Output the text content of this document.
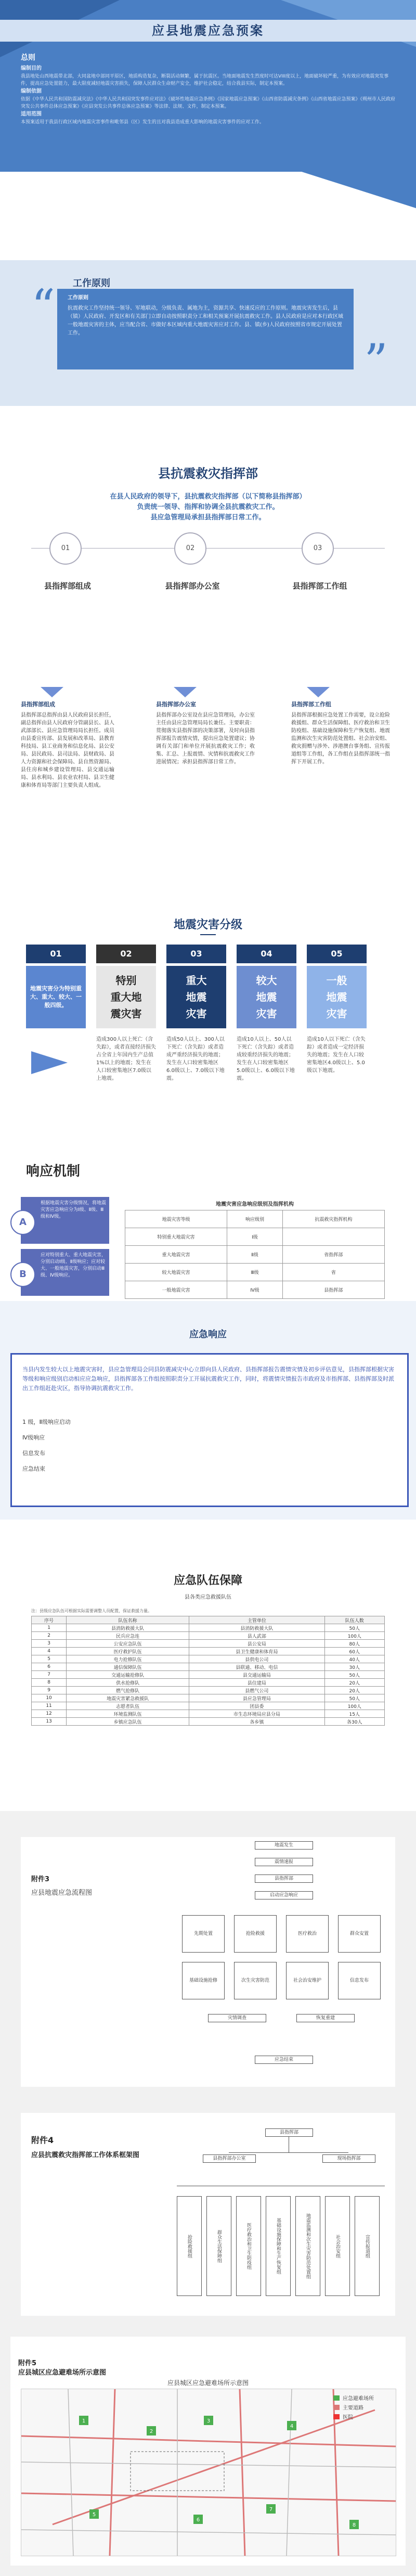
应县地震应急预案

总则

编制目的

我县地处山西地震带北部，大同盆地中部同平原区，地质构造复杂，断裂活动频繁，属于抗震区。当地面地震发生烈度时可达VIII度以上，地面破坏较严重，为有效应对地震突发事件，提高应急处置能力，最大限度减轻地震灾害损失，保障人民群众生命财产安全，维护社会稳定，结合我县实际，制定本预案。

编制依据

依据《中华人民共和国防震减灾法》《中华人民共和国突发事件应对法》《破坏性地震应急条例》《国家地震应急预案》《山西省防震减灾条例》《山西省地震应急预案》《朔州市人民政府突发公共事件总体应急预案》《应县突发公共事件总体应急预案》等法律、法规、文件，制定本预案。

适用范围

本预案适用于我县行政区域内地震灾害事件和毗邻县（区）发生的且对我县造成重大影响的地震灾害事件的应对工作。

工作原则

“ 工作原则

抗震救灾工作坚持统一领导、军地联动，分级负责、属地为主，资源共享、快速反应的工作原则。地震灾害发生后，县（镇）人民政府、开发区和有关部门立即自动按照职责分工和相关预案开展抗震救灾工作。县人民政府是应对本行政区域一般地震灾害的主体，应当配合省、市做好本区域内重大地震灾害应对工作。县、镇(乡)人民政府按照省市规定开展处置工作。

”

县抗震救灾指挥部

在县人民政府的领导下，县抗震救灾指挥部（以下简称县指挥部）
负责统一领导、指挥和协调全县抗震救灾工作。
县应急管理局承担县指挥部日常工作。
01	02	03
县指挥部组成	县指挥部办公室	县指挥部工作组

县指挥部组成

县指挥部总指挥由县人民政府县长担任，副总指挥由县人民政府分管副县长、县人武部部长、县应急管理局局长担任。成员由县委宣传部、县发展和改革局、县教育科技局、县工业商务和信息化局、县公安局、县民政局、县司法局、县财政局、县人力资源和社会保障局、县自然资源局、县住房和城乡建设管理局、县交通运输局、县水利局、县农业农村局、县卫生健康和体育局等部门主要负责人组成。

县指挥部办公室

县指挥部办公室设在县应急管理局，办公室主任由县应急管理局局长兼任。主要职责：贯彻落实县指挥部的决策部署，及时向县指挥部报告震情灾情，提出应急处置建议；协调有关部门和单位开展抗震救灾工作；收集、汇总、上报震情、灾情和抗震救灾工作进展情况；承担县指挥部日常工作。

县指挥部工作组

县指挥部根据应急处置工作需要，设立抢险救援组、群众生活保障组、医疗救治和卫生防疫组、基础设施保障和生产恢复组、地震监测和次生灾害防范处置组、社会治安组、救灾捐赠与涉外、涉港澳台事务组、宣传报道组等工作组，各工作组在县指挥部统一指挥下开展工作。

地震灾害分级

01	02	03	04	05
地震灾害分为特别重大、重大、较大、一般四级。
特别
重大地
震灾害
重大
地震
灾害
较大
地震
灾害
一般
地震
灾害
造成300人以上死亡（含失踪），或者直接经济损失占全省上年国内生产总值1%以上的地震；发生在人口较密集地区7.0级以上地震。
造成50人以上、300人以下死亡（含失踪）或者造成严重经济损失的地震；发生在人口较密集地区6.0级以上、7.0级以下地震。
造成10人以上、50人以下死亡（含失踪）或者造成较重经济损失的地震；发生在人口较密集地区5.0级以上、6.0级以下地震。
造成10人以下死亡（含失踪）或者造成一定经济损失的地震；发生在人口较密集地区4.0级以上、5.0级以下地震。

响应机制

根据地震灾害分级情况，将地震灾害应急响应分为Ⅰ级、Ⅱ级、Ⅲ级和Ⅳ级。

A

应对特别重大、重大地震灾害，分别启动Ⅰ级、Ⅱ级响应；应对较大、一般地震灾害，分别启动Ⅲ级、Ⅳ级响应。

B
地震灾害应急响应级别及指挥机构
地震灾害等级	响应级别	抗震救灾指挥机构
特别重大地震灾害	Ⅰ级	
重大地震灾害	Ⅱ级	省指挥部
较大地震灾害	Ⅲ级	省
一般地震灾害	Ⅳ级	县指挥部

应急响应

当县内发生较大以上地震灾害时，县应急管理局会同县防震减灾中心立即向县人民政府、县指挥部报告震情灾情及初步评估意见，县指挥部根据灾害等级和响应级别启动相应应急响应，县指挥部各工作组按照职责分工开展抗震救灾工作，同时，将震情灾情报告市政府及市指挥部、县指挥部及时派出工作组赶赴灾区，指导协调抗震救灾工作。

1 级，Ⅱ级响应启动
Ⅳ级响应
信息发布
应急结束

应急队伍保障

县各类应急救援队伍
注：县级应急队伍可根据实际需要调整人员配置，保证救援力量。
序号	队伍名称	主管单位	队伍人数
1	县消防救援大队	县消防救援大队	50人
2	民兵应急连	县人武部	100人
3	公安应急队伍	县公安局	80人
4	医疗救护队伍	县卫生健康和体育局	60人
5	电力抢修队伍	县供电公司	40人
6	通信保障队伍	县联通、移动、电信	30人
7	交通运输抢修队	县交通运输局	50人
8	供水抢修队	县住建局	20人
9	燃气抢修队	县燃气公司	20人
10	地震灾害紧急救援队	县应急管理局	50人
11	志愿者队伍	团县委	100人
12	环境监测队伍	市生态环境局应县分局	15人
13	乡镇应急队伍	各乡镇	各30人

附件3

应县地震应急流程图

地震发生
震情速报
县指挥部
启动应急响应
先期处置	抢险救援	医疗救治	群众安置
基础设施抢修	次生灾害防范	社会治安维护	信息发布
灾情调查	恢复重建
应急结束

附件4

应县抗震救灾指挥部工作体系框架图

县指挥部
县指挥部办公室	现场指挥部
抢险救援组	群众生活保障组	医疗救治和卫生防疫组	基础设施保障和生产恢复组	地震监测和次生灾害防范处置组	社会治安组	宣传报道组

附件5

应县城区应急避难场所示意图

应县城区应急避难场所示意图
1
2
3
4
5
6
7
8
应急避难场所
主要道路
医院
